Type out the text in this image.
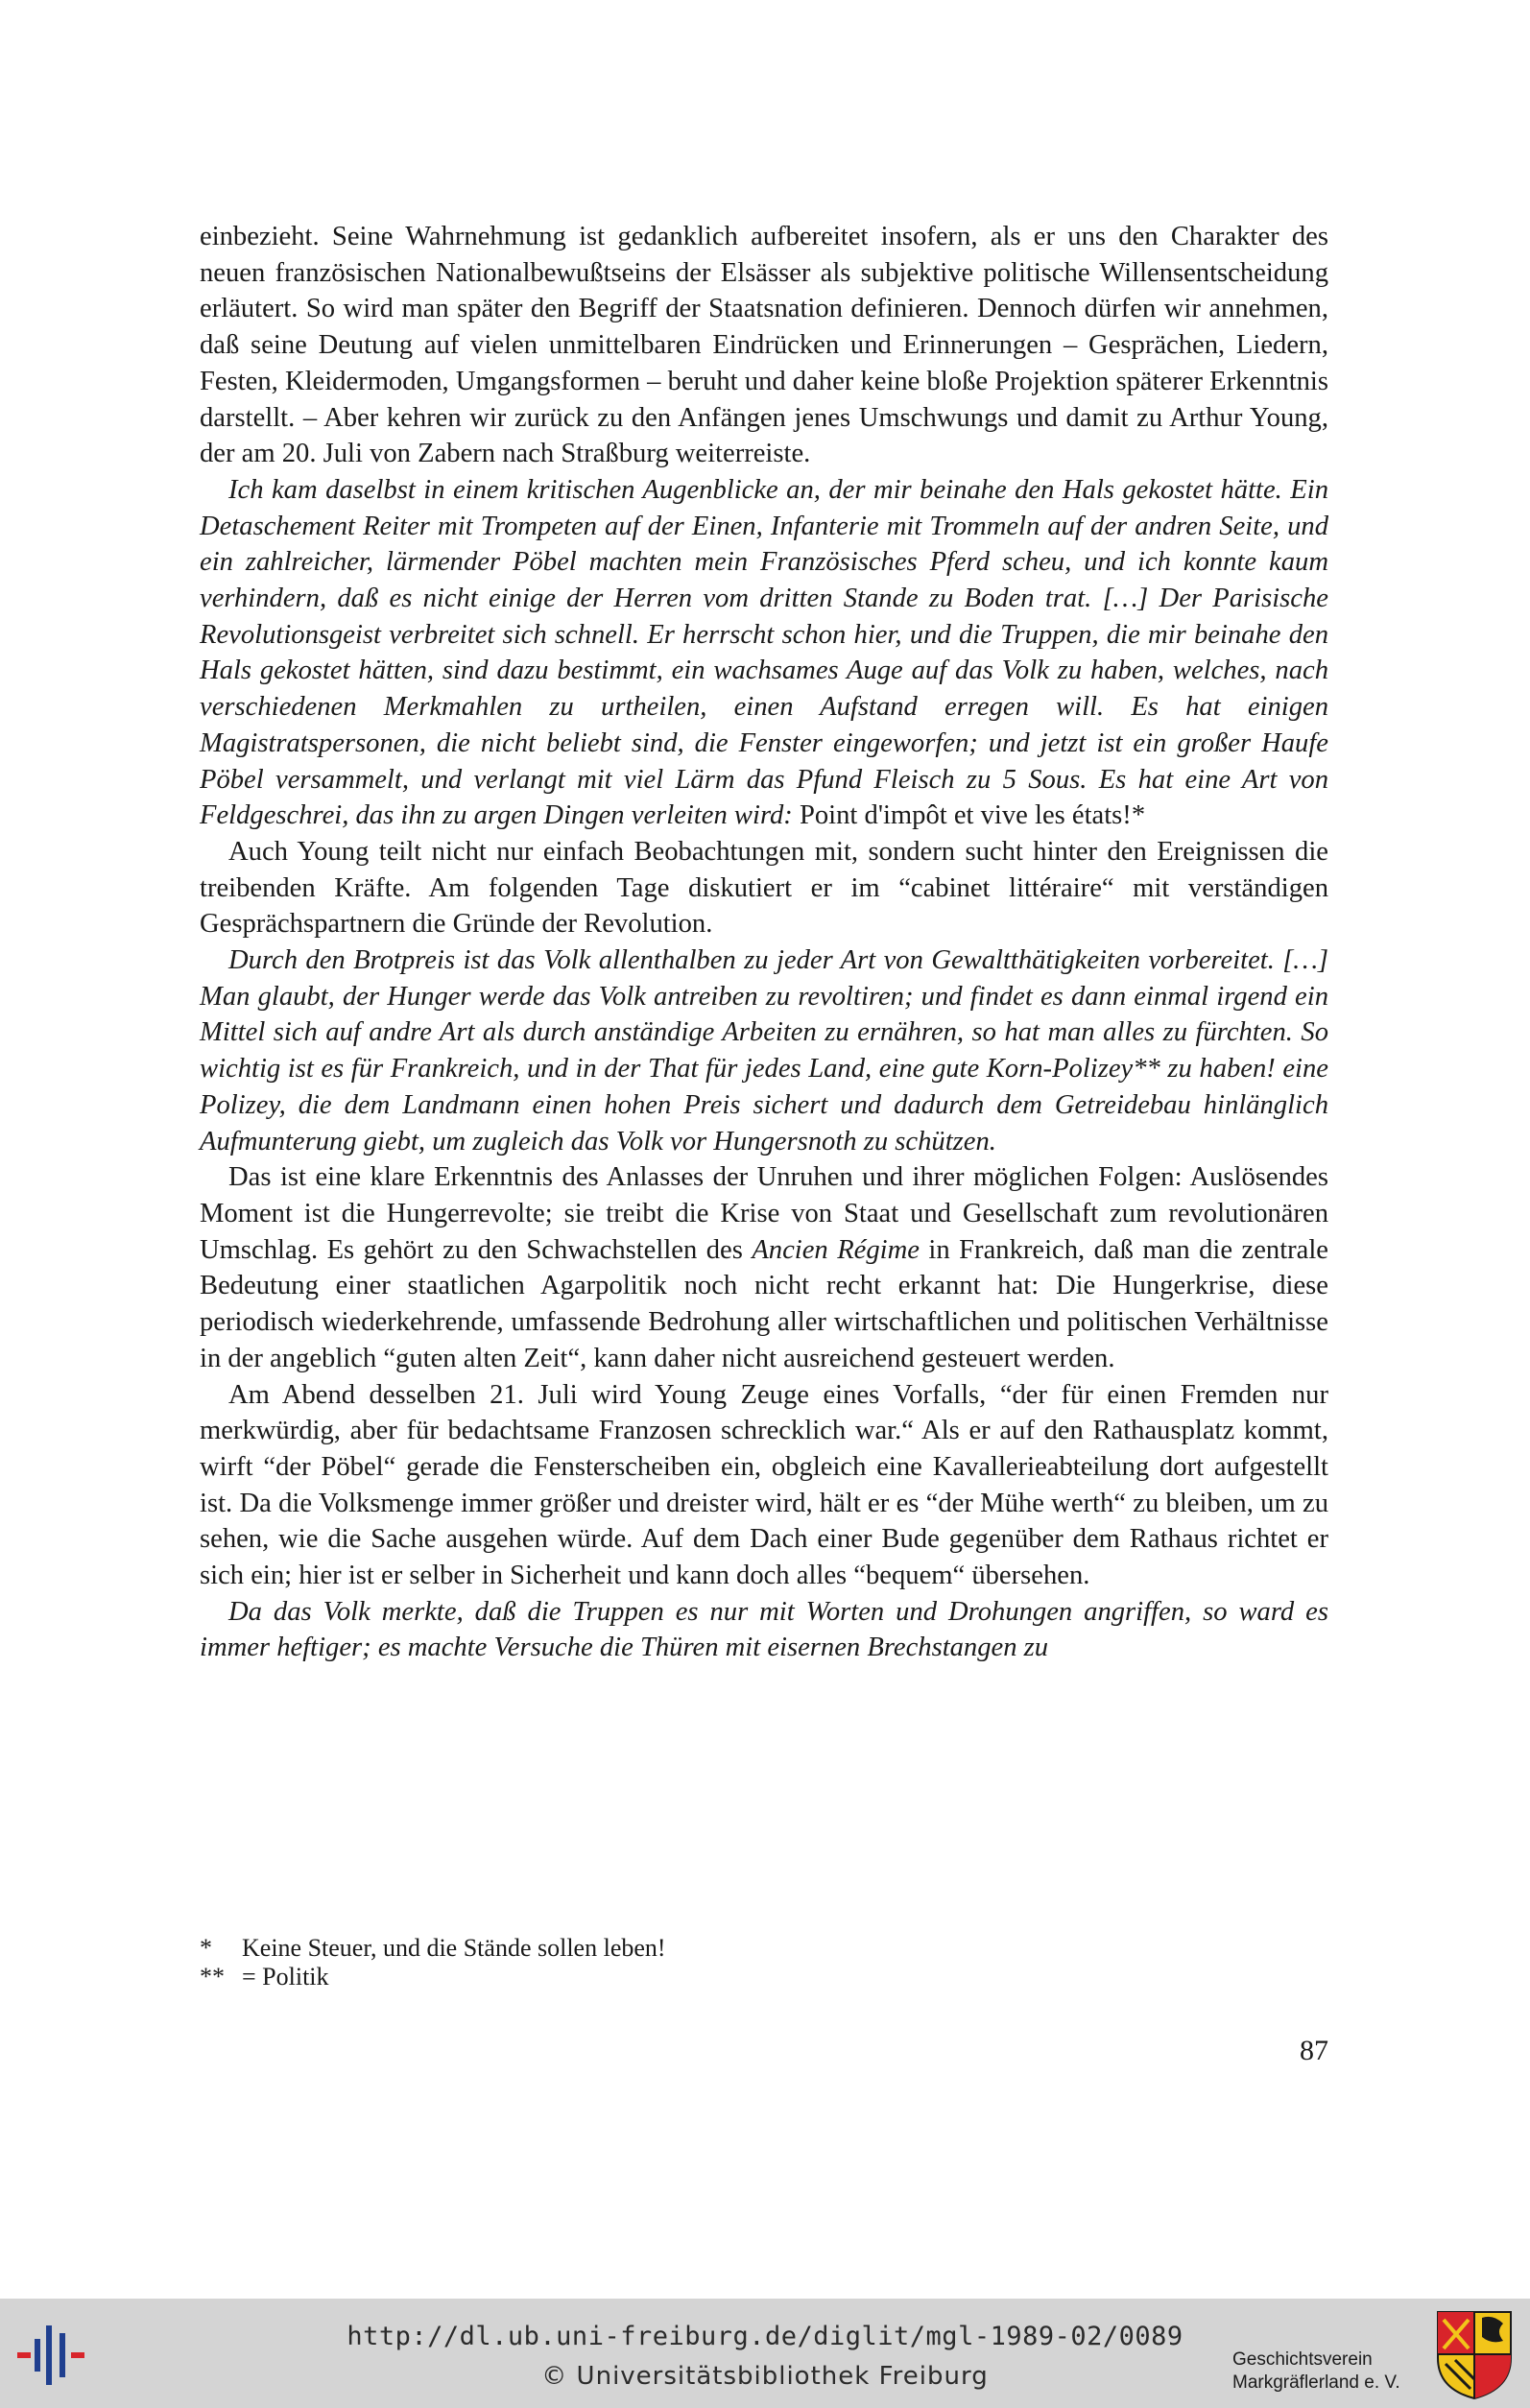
einbezieht. Seine Wahrnehmung ist gedanklich aufbereitet insofern, als er uns den Charakter des neuen französischen Nationalbewußtseins der Elsässer als subjektive politische Willensentscheidung erläutert. So wird man später den Begriff der Staatsnation definieren. Dennoch dürfen wir annehmen, daß seine Deutung auf vielen unmittelbaren Eindrücken und Erinnerungen – Gesprächen, Liedern, Festen, Kleidermoden, Umgangsformen – beruht und daher keine bloße Projektion späterer Erkenntnis darstellt. – Aber kehren wir zurück zu den Anfängen jenes Umschwungs und damit zu Arthur Young, der am 20. Juli von Zabern nach Straßburg weiterreiste.

Ich kam daselbst in einem kritischen Augenblicke an, der mir beinahe den Hals gekostet hätte. Ein Detaschement Reiter mit Trompeten auf der Einen, Infanterie mit Trommeln auf der andren Seite, und ein zahlreicher, lärmender Pöbel machten mein Französisches Pferd scheu, und ich konnte kaum verhindern, daß es nicht einige der Herren vom dritten Stande zu Boden trat. […] Der Parisische Revolutionsgeist verbreitet sich schnell. Er herrscht schon hier, und die Truppen, die mir beinahe den Hals gekostet hätten, sind dazu bestimmt, ein wachsames Auge auf das Volk zu haben, welches, nach verschiedenen Merkmahlen zu urtheilen, einen Aufstand erregen will. Es hat einigen Magistratspersonen, die nicht beliebt sind, die Fenster eingeworfen; und jetzt ist ein großer Haufe Pöbel versammelt, und verlangt mit viel Lärm das Pfund Fleisch zu 5 Sous. Es hat eine Art von Feldgeschrei, das ihn zu argen Dingen verleiten wird: Point d'impôt et vive les états!*

Auch Young teilt nicht nur einfach Beobachtungen mit, sondern sucht hinter den Ereignissen die treibenden Kräfte. Am folgenden Tage diskutiert er im “cabinet littéraire“ mit verständigen Gesprächspartnern die Gründe der Revolution.

Durch den Brotpreis ist das Volk allenthalben zu jeder Art von Gewaltthätigkeiten vorbereitet. […] Man glaubt, der Hunger werde das Volk antreiben zu revoltiren; und findet es dann einmal irgend ein Mittel sich auf andre Art als durch anständige Arbeiten zu ernähren, so hat man alles zu fürchten. So wichtig ist es für Frankreich, und in der That für jedes Land, eine gute Korn-Polizey** zu haben! eine Polizey, die dem Landmann einen hohen Preis sichert und dadurch dem Getreidebau hinlänglich Aufmunterung giebt, um zugleich das Volk vor Hungersnoth zu schützen.

Das ist eine klare Erkenntnis des Anlasses der Unruhen und ihrer möglichen Folgen: Auslösendes Moment ist die Hungerrevolte; sie treibt die Krise von Staat und Gesellschaft zum revolutionären Umschlag. Es gehört zu den Schwachstellen des Ancien Régime in Frankreich, daß man die zentrale Bedeutung einer staatlichen Agarpolitik noch nicht recht erkannt hat: Die Hungerkrise, diese periodisch wiederkehrende, umfassende Bedrohung aller wirtschaftlichen und politischen Verhältnisse in der angeblich “guten alten Zeit“, kann daher nicht ausreichend gesteuert werden.

Am Abend desselben 21. Juli wird Young Zeuge eines Vorfalls, “der für einen Fremden nur merkwürdig, aber für bedachtsame Franzosen schrecklich war.“ Als er auf den Rathausplatz kommt, wirft “der Pöbel“ gerade die Fensterscheiben ein, obgleich eine Kavallerieabteilung dort aufgestellt ist. Da die Volksmenge immer größer und dreister wird, hält er es “der Mühe werth“ zu bleiben, um zu sehen, wie die Sache ausgehen würde. Auf dem Dach einer Bude gegenüber dem Rathaus richtet er sich ein; hier ist er selber in Sicherheit und kann doch alles “bequem“ übersehen.

Da das Volk merkte, daß die Truppen es nur mit Worten und Drohungen angriffen, so ward es immer heftiger; es machte Versuche die Thüren mit eisernen Brechstangen zu

*	Keine Steuer, und die Stände sollen leben!
** = Politik
87
http://dl.ub.uni-freiburg.de/diglit/mgl-1989-02/0089
© Universitätsbibliothek Freiburg
Geschichtsverein
Markgräflerland e. V.
